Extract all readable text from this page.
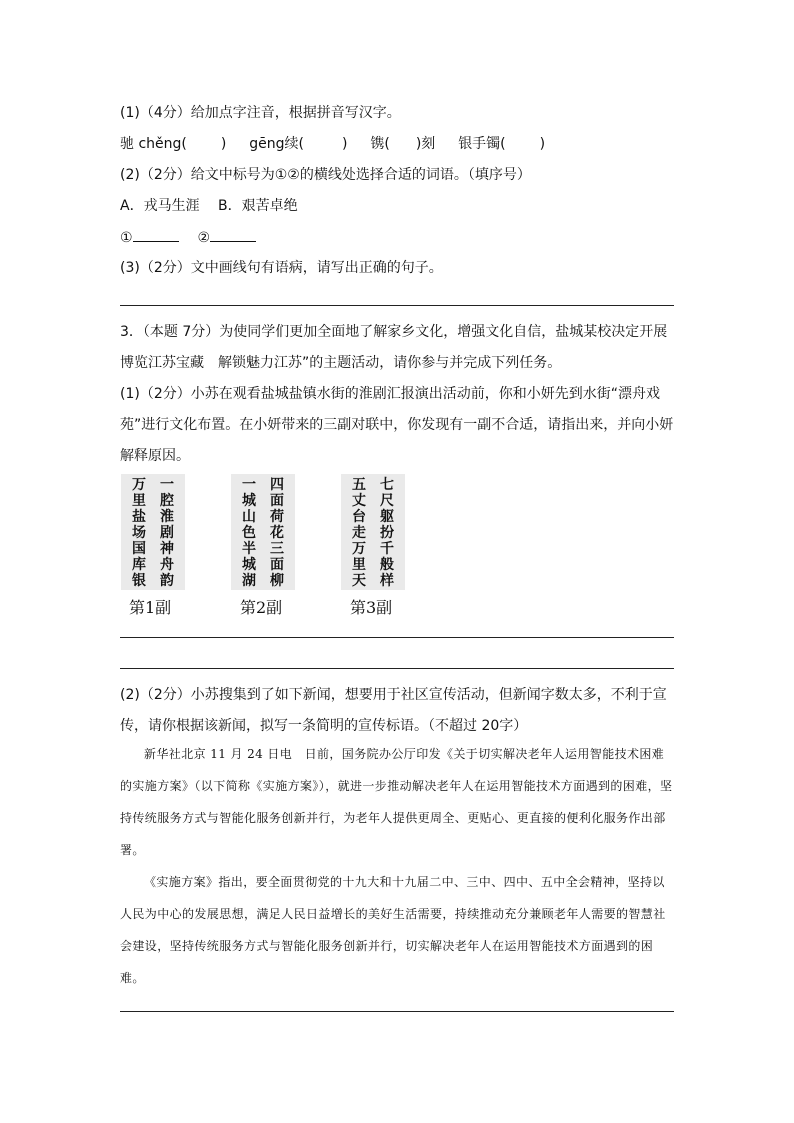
(1)（4分）给加点字注音，根据拼音写汉字。
驰 chěng( ) gēng续(	) 镌( )刻 银手镯( )
(2)（2分）给文中标号为①②的横线处选择合适的词语。（填序号）
A．戎马生涯　 B．艰苦卓绝
①	②
(3)（2分）文中画线句有语病，请写出正确的句子。
3．（本题 7分）为使同学们更加全面地了解家乡文化，增强文化自信，盐城某校决定开展博览江苏宝藏　解锁魅力江苏”的主题活动，请你参与并完成下列任务。
(1)（2分）小苏在观看盐城盐镇水街的淮剧汇报演出活动前，你和小妍先到水街“漂舟戏苑”进行文化布置。在小妍带来的三副对联中，你发现有一副不合适，请指出来，并向小妍解释原因。
一
腔
淮
剧
神
舟
韵
万
里
盐
场
国
库
银
第1副
四
面
荷
花
三
面
柳
一
城
山
色
半
城
湖
第2副
七
尺
躯
扮
千
般
样
五
丈
台
走
万
里
天
第3副
(2)（2分）小苏搜集到了如下新闻，想要用于社区宣传活动，但新闻字数太多，不利于宣传，请你根据该新闻，拟写一条简明的宣传标语。（不超过 20字）

新华社北京 11 月 24 日电　日前，国务院办公厅印发《关于切实解决老年人运用智能技术困难的实施方案》（以下简称《实施方案》），就进一步推动解决老年人在运用智能技术方面遇到的困难，坚持传统服务方式与智能化服务创新并行，为老年人提供更周全、更贴心、更直接的便利化服务作出部署。

《实施方案》指出，要全面贯彻党的十九大和十九届二中、三中、四中、五中全会精神，坚持以人民为中心的发展思想，满足人民日益增长的美好生活需要，持续推动充分兼顾老年人需要的智慧社会建设，坚持传统服务方式与智能化服务创新并行，切实解决老年人在运用智能技术方面遇到的困难。
